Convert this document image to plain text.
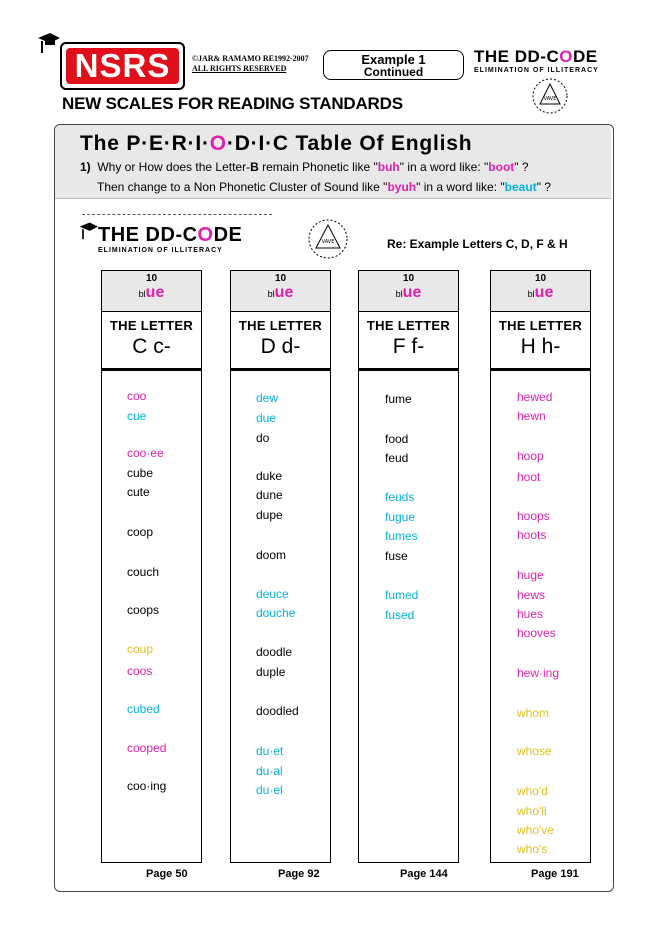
NSRS	©JAR& RAMAMO RE1992-2007
ALL RIGHTS RESERVED
Example 1
Continued
THE DD-CODE
ELIMINATION OF ILLITERACY
VAVE
NEW SCALES FOR READING STANDARDS
The P·E·R·I·O·D·I·C Table Of English
1) Why or How does the Letter-B remain Phonetic like "buh" in a word like: "boot" ?
Then change to a Non Phonetic Cluster of Sound like "byuh" in a word like: "beaut" ?
THE DD-CODE
ELIMINATION OF ILLITERACY
VAVE	Re: Example Letters C, D, F & H
10
blue
THE LETTER
C c-
Page 50
10
blue
THE LETTER
D d-
Page 92
10
blue
THE LETTER
F f-
Page 144
10
blue
THE LETTER
H h-
Page 191
coo
cue
coo·ee
cube
cute
coop
couch
coops
coup
coos
cubed
cooped
coo·ing
dew
due
do
duke
dune
dupe
doom
deuce
douche
doodle
duple
doodled
du·et
du·al
du·el
fume
food
feud
feuds
fugue
fumes
fuse
fumed
fused
hewed
hewn
hoop
hoot
hoops
hoots
huge
hews
hues
hooves
hew·ing
whom
whose
who'd
who'll
who've
who's
